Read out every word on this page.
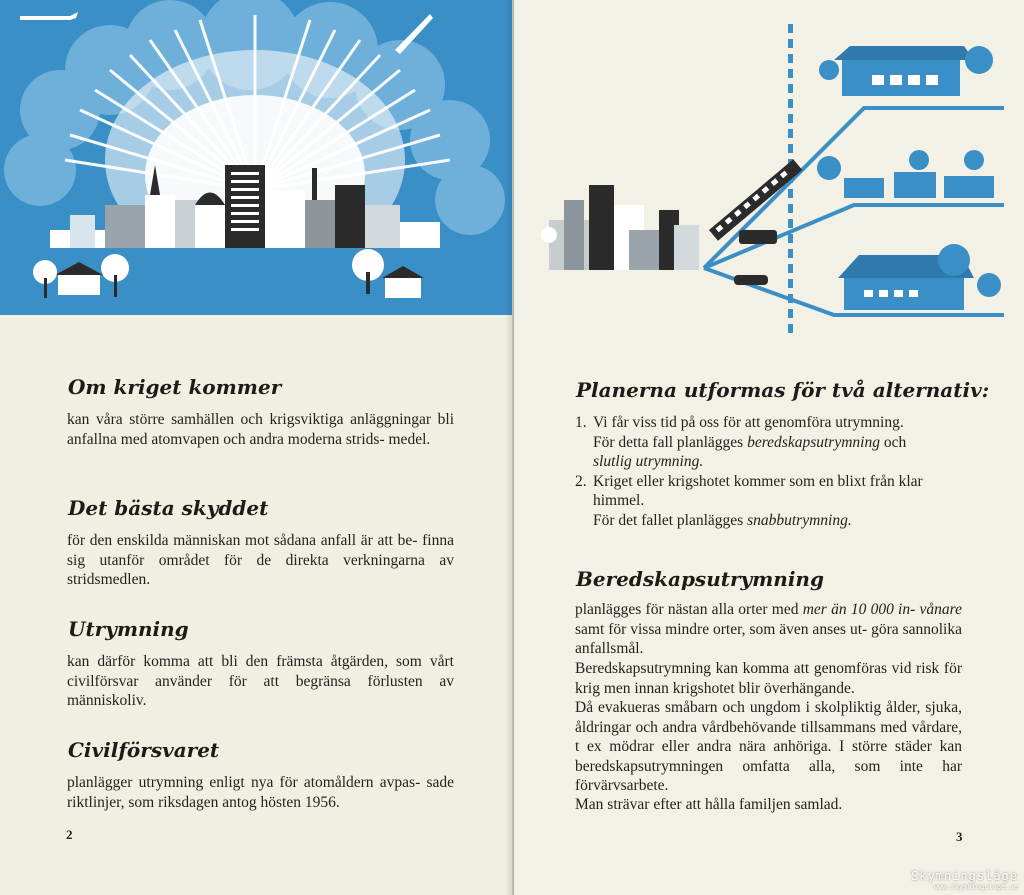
Om kriget kommer

kan våra större samhällen och krigsviktiga anläggningar bli anfallna med atomvapen och andra moderna strids- medel.

Det bästa skyddet

för den enskilda människan mot sådana anfall är att be- finna sig utanför området för de direkta verkningarna av stridsmedlen.

Utrymning

kan därför komma att bli den främsta åtgärden, som vårt civilförsvar använder för att begränsa förlusten av människoliv.

Civilförsvaret

planlägger utrymning enligt nya för atomåldern avpas- sade riktlinjer, som riksdagen antog hösten 1956.

2
Planerna utformas för två alternativ:
1. Vi får viss tid på oss för att genomföra utrymning.
För detta fall planlägges beredskapsutrymning och
slutlig utrymning.
2. Kriget eller krigshotet kommer som en blixt från klar himmel.
För det fallet planlägges snabbutrymning.
Beredskapsutrymning

planlägges för nästan alla orter med mer än 10 000 in- vånare samt för vissa mindre orter, som även anses ut- göra sannolika anfallsmål.

Beredskapsutrymning kan komma att genomföras vid risk för krig men innan krigshotet blir överhängande.

Då evakueras småbarn och ungdom i skolpliktig ålder, sjuka, åldringar och andra vårdbehövande tillsammans med vårdare, t ex mödrar eller andra nära anhöriga. I större städer kan beredskapsutrymningen omfatta alla, som inte har förvärvsarbete.

Man strävar efter att hålla familjen samlad.

3
Skymningsläge
www.skymningslage.se
